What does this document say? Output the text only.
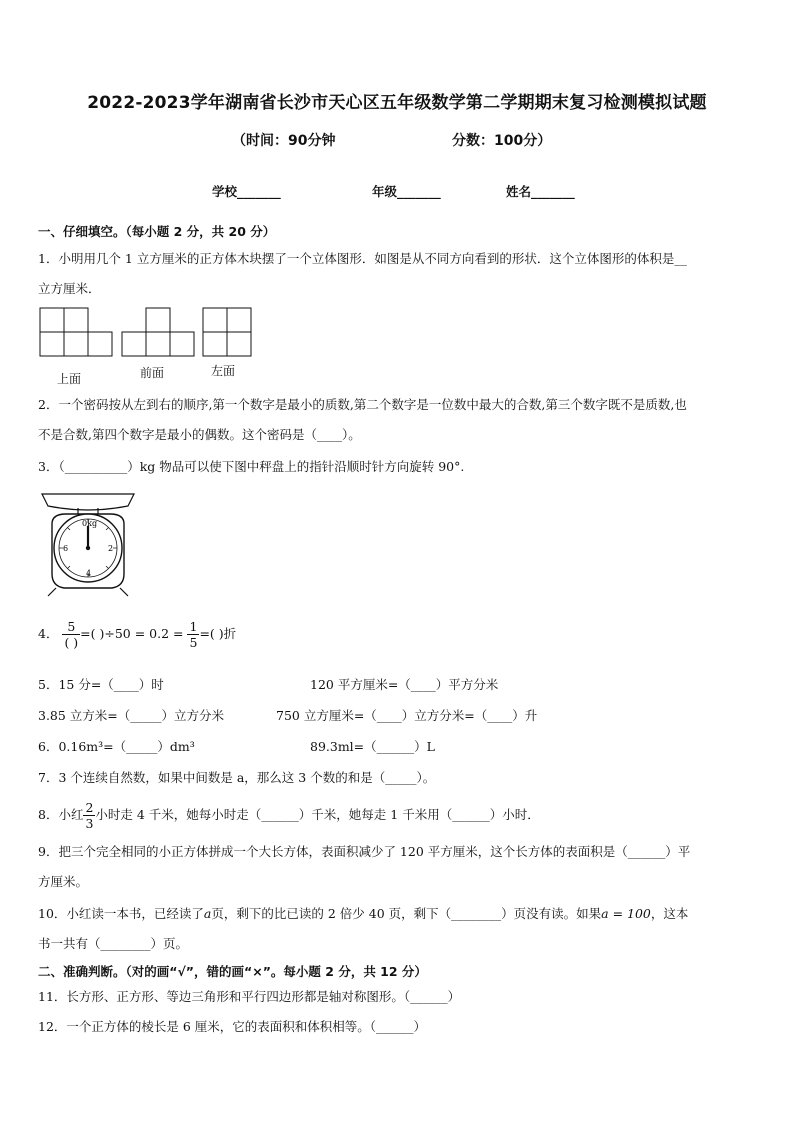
2022-2023学年湖南省长沙市天心区五年级数学第二学期期末复习检测模拟试题
（时间：90分钟	分数：100分）
学校_______	年级_______	姓名_______
一、仔细填空。（每小题 2 分，共 20 分）
1．小明用几个 1 立方厘米的正方体木块摆了一个立体图形．如图是从不同方向看到的形状．这个立体图形的体积是__
立方厘米．
上面	前面	左面
2．一个密码按从左到右的顺序,第一个数字是最小的质数,第二个数字是一位数中最大的合数,第三个数字既不是质数,也
不是合数,第四个数字是最小的偶数。这个密码是（____）。
3．（__________）kg 物品可以使下图中秤盘上的指针沿顺时针方向旋转 90°.
0kg
2
4
6
4． $\frac{5}{( )}$ =( )$\div 50 = 0.2 = \frac{1}{5}$ =( )折
5．15 分=（____）时	120 平方厘米=（____）平方分米
3.85 立方米=（_____）立方分米	750 立方厘米=（____）立方分米=（____）升
6．0.16m³=（_____）dm³	89.3ml=（______）L
7．3 个连续自然数，如果中间数是 a，那么这 3 个数的和是（_____）。
8．小红 $\frac{2}{3}$ 小时走 4 千米，她每小时走（______）千米，她每走 1 千米用（______）小时．
9．把三个完全相同的小正方体拼成一个大长方体，表面积减少了 120 平方厘米，这个长方体的表面积是（______）平
方厘米。
10．小红读一本书，已经读了a页，剩下的比已读的 2 倍少 40 页，剩下（________）页没有读。如果a = 100，这本
书一共有（________）页。
二、准确判断。（对的画“√”，错的画“×”。每小题 2 分，共 12 分）
11．长方形、正方形、等边三角形和平行四边形都是轴对称图形。（______）
12．一个正方体的棱长是 6 厘米，它的表面积和体积相等。（______）
